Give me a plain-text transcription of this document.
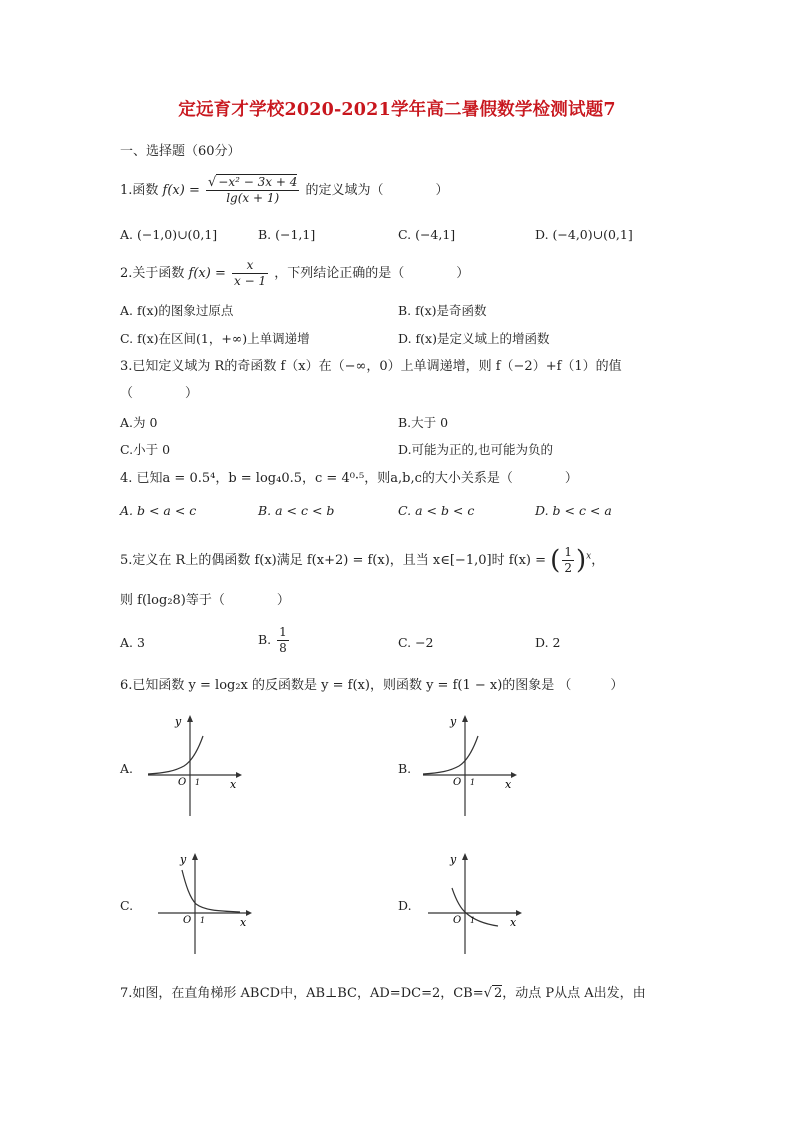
定远育才学校2020-2021学年高二暑假数学检测试题7
一、选择题（60分）
1.函数 $f(x) = \frac{\text{√ −x² − 3x + 4}}{\lg(x + 1)}$ 的定义域为（　　　　）
A. (−1,0)∪(0,1]	B. (−1,1]	C. (−4,1]	D. (−4,0)∪(0,1]
2.关于函数 $f(x) = \frac{x}{x - 1}$ ，下列结论正确的是（　　　　）
A. f(x)的图象过原点	B. f(x)是奇函数
C. f(x)在区间(1，+∞)上单调递增	D. f(x)是定义域上的增函数
3.已知定义域为 R的奇函数 f（x）在（−∞，0）上单调递增，则 f（−2）+f（1）的值
（　　　　）
A.为 0	B.大于 0
C.小于 0	D.可能为正的,也可能为负的
4. 已知a = 0.5⁴，b = log₄0.5，c = 4⁰·⁵，则a,b,c的大小关系是（　　　　）
A. b < a < c	B. a < c < b	C. a < b < c	D. b < c < a
5.定义在 R上的偶函数 f(x)满足 f(x+2) = f(x)，且当 x∈[−1,0]时 f(x) = ( $\frac{1}{2} )^x$，
则 f(log₂8)等于（　　　　）
A. 3	B. $\frac{1}{8}$	C. −2	D. 2
6.已知函数 y = log₂x 的反函数是 y = f(x)，则函数 y = f(1 − x)的图象是 （　　　）
A.
y
x
O 1
B.
y
x
O 1
C.
y
x
O 1
D.
y
x
O 1
7.如图，在直角梯形 ABCD中，AB⊥BC，AD=DC=2，CB=√ 2，动点 P从点 A出发，由
